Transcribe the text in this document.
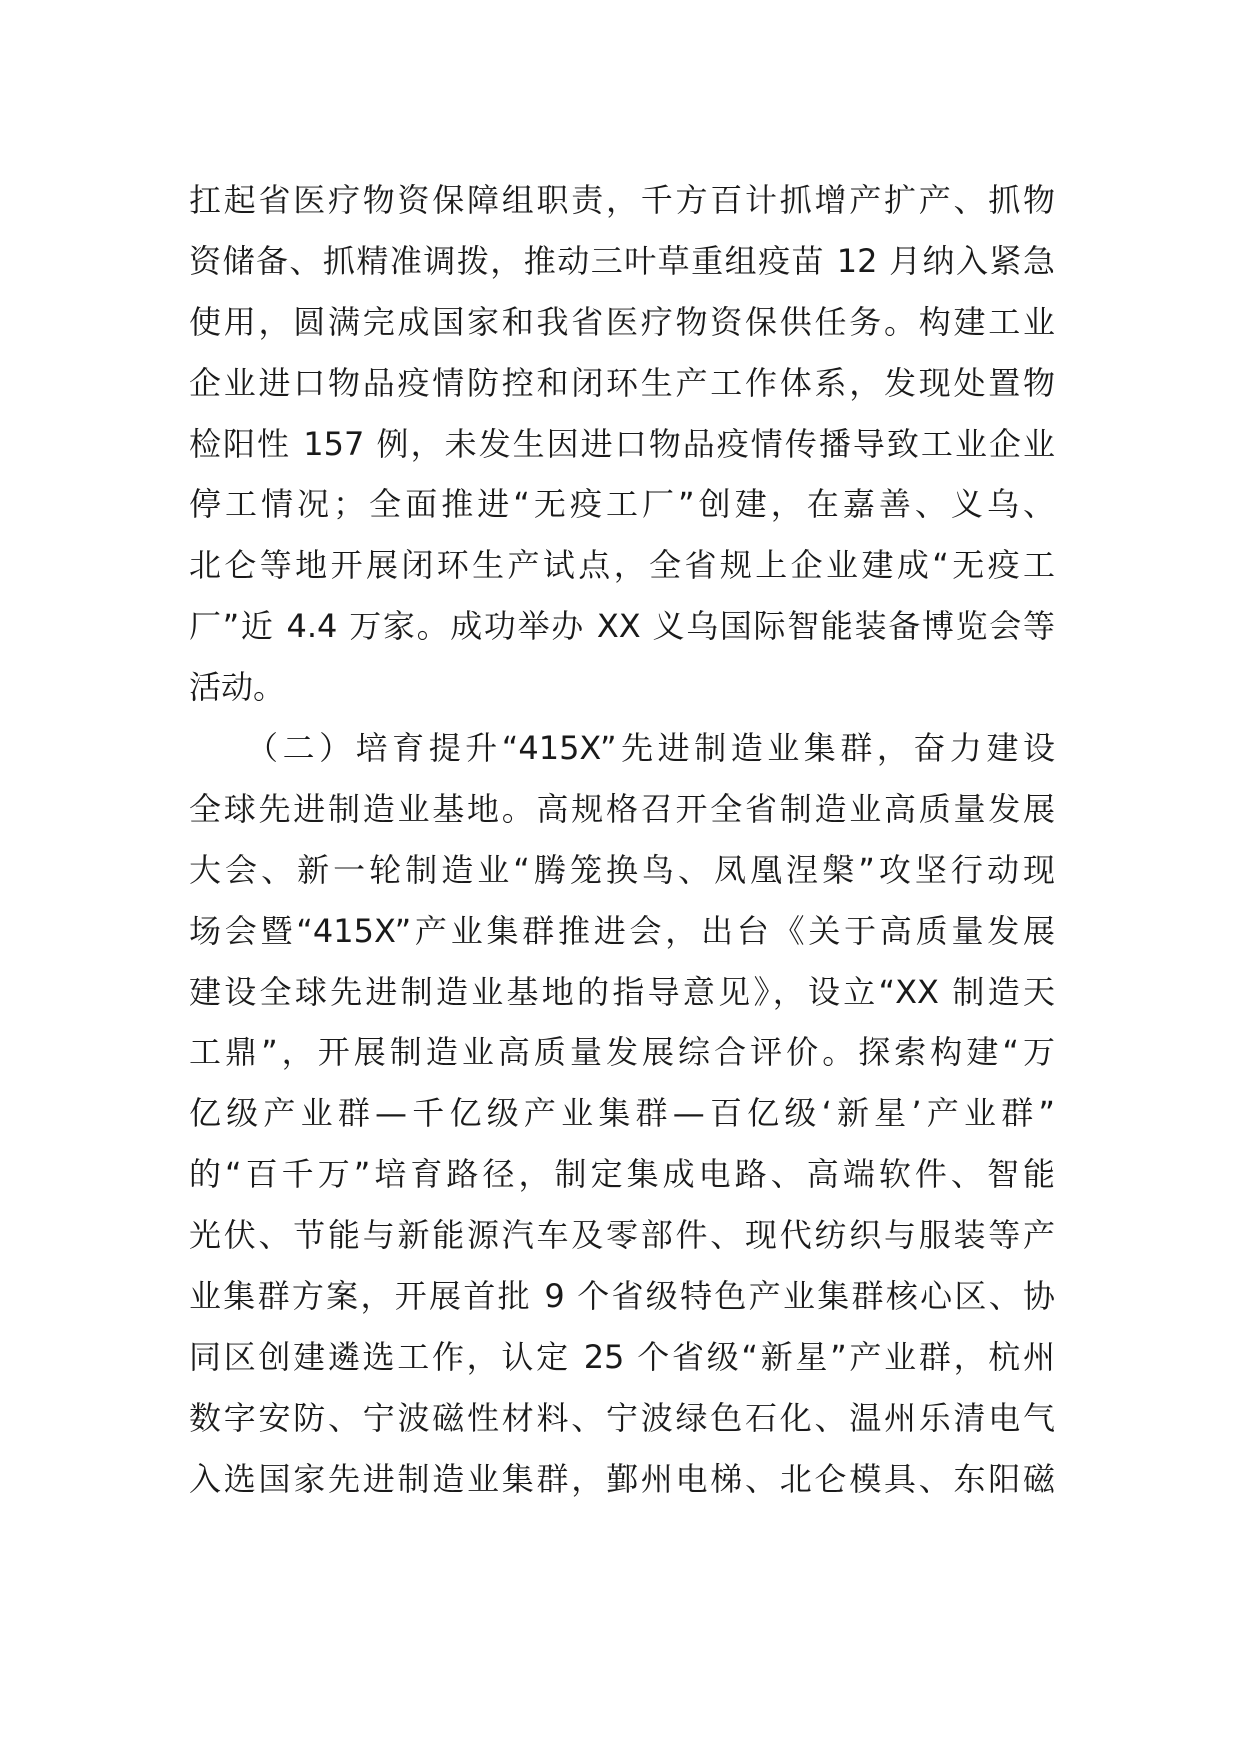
扛起省医疗物资保障组职责，千方百计抓增产扩产、抓物
资储备、抓精准调拨，推动三叶草重组疫苗 12 月纳入紧急
使用，圆满完成国家和我省医疗物资保供任务。构建工业
企业进口物品疫情防控和闭环生产工作体系，发现处置物
检阳性 157 例，未发生因进口物品疫情传播导致工业企业
停工情况；全面推进“无疫工厂”创建，在嘉善、义乌、
北仑等地开展闭环生产试点，全省规上企业建成“无疫工
厂”近 4.4 万家。成功举办 XX 义乌国际智能装备博览会等
活动。
　　（二）培育提升“415X”先进制造业集群，奋力建设
全球先进制造业基地。高规格召开全省制造业高质量发展
大会、新一轮制造业“腾笼换鸟、凤凰涅槃”攻坚行动现
场会暨“415X”产业集群推进会，出台《关于高质量发展
建设全球先进制造业基地的指导意见》，设立“XX 制造天
工鼎”，开展制造业高质量发展综合评价。探索构建“万
亿级产业群—千亿级产业集群—百亿级‘新星’产业群”
的“百千万”培育路径，制定集成电路、高端软件、智能
光伏、节能与新能源汽车及零部件、现代纺织与服装等产
业集群方案，开展首批 9 个省级特色产业集群核心区、协
同区创建遴选工作，认定 25 个省级“新星”产业群，杭州
数字安防、宁波磁性材料、宁波绿色石化、温州乐清电气
入选国家先进制造业集群，鄞州电梯、北仑模具、东阳磁
